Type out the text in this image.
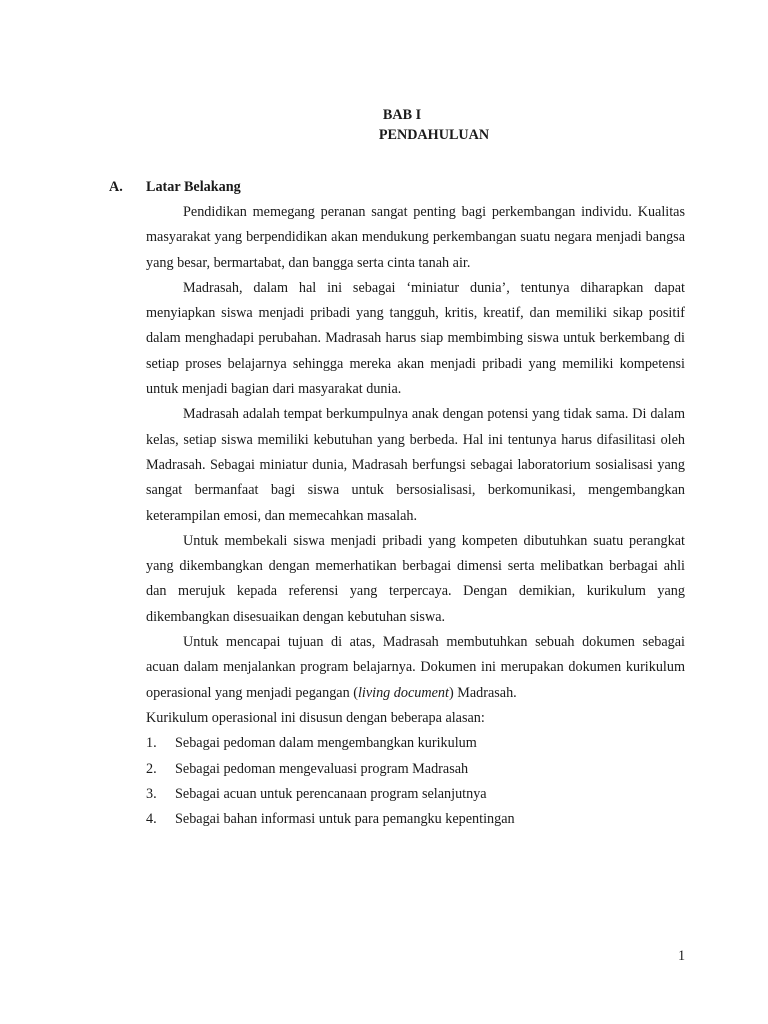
BAB I
PENDAHULUAN
A. Latar Belakang

Pendidikan memegang peranan sangat penting bagi perkembangan individu. Kualitas masyarakat yang berpendidikan akan mendukung perkembangan suatu negara menjadi bangsa yang besar, bermartabat, dan bangga serta cinta tanah air.

Madrasah, dalam hal ini sebagai ‘miniatur dunia’, tentunya diharapkan dapat menyiapkan siswa menjadi pribadi yang tangguh, kritis, kreatif, dan memiliki sikap positif dalam menghadapi perubahan. Madrasah harus siap membimbing siswa untuk berkembang di setiap proses belajarnya sehingga mereka akan menjadi pribadi yang memiliki kompetensi untuk menjadi bagian dari masyarakat dunia.

Madrasah adalah tempat berkumpulnya anak dengan potensi yang tidak sama. Di dalam kelas, setiap siswa memiliki kebutuhan yang berbeda. Hal ini tentunya harus difasilitasi oleh Madrasah. Sebagai miniatur dunia, Madrasah berfungsi sebagai laboratorium sosialisasi yang sangat bermanfaat bagi siswa untuk bersosialisasi, berkomunikasi, mengembangkan keterampilan emosi, dan memecahkan masalah.

Untuk membekali siswa menjadi pribadi yang kompeten dibutuhkan suatu perangkat yang dikembangkan dengan memerhatikan berbagai dimensi serta melibatkan berbagai ahli dan merujuk kepada referensi yang terpercaya. Dengan demikian, kurikulum yang dikembangkan disesuaikan dengan kebutuhan siswa.

Untuk mencapai tujuan di atas, Madrasah membutuhkan sebuah dokumen sebagai acuan dalam menjalankan program belajarnya. Dokumen ini merupakan dokumen kurikulum operasional yang menjadi pegangan (living document) Madrasah.

Kurikulum operasional ini disusun dengan beberapa alasan:

1. Sebagai pedoman dalam mengembangkan kurikulum
2. Sebagai pedoman mengevaluasi program Madrasah
3. Sebagai acuan untuk perencanaan program selanjutnya
4. Sebagai bahan informasi untuk para pemangku kepentingan
1
